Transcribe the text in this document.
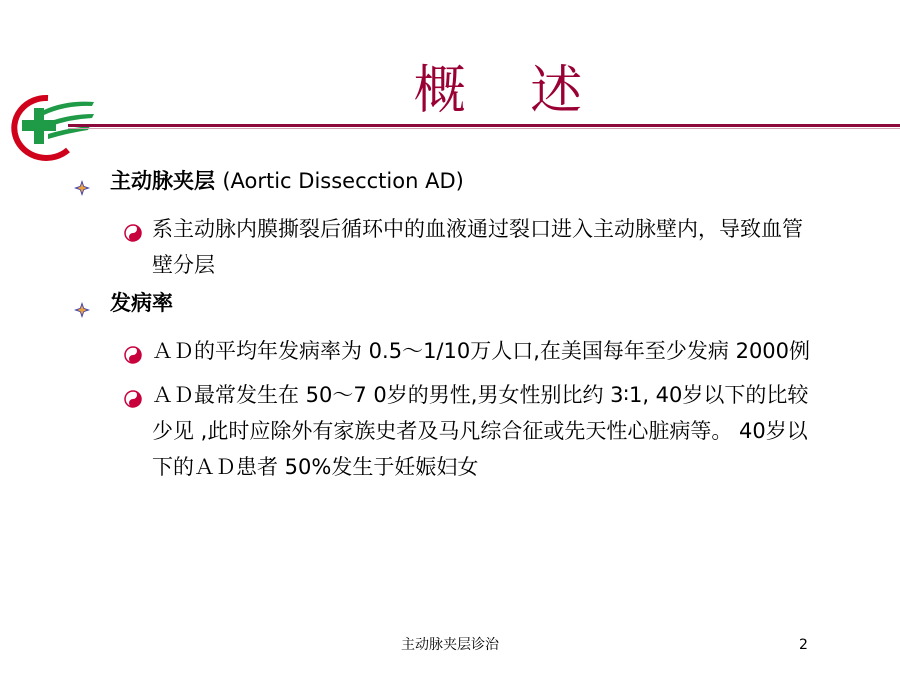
概 述
主动脉夹层 (Aortic Dissecction AD)
系主动脉内膜撕裂后循环中的血液通过裂口进入主动脉壁内，导致血管壁分层
发病率
ＡＤ的平均年发病率为 0.5～1/10万人口,在美国每年至少发病 2000例
ＡＤ最常发生在 50～7 0岁的男性,男女性别比约 3∶1, 40岁以下的比较少见 ,此时应除外有家族史者及马凡综合征或先天性心脏病等。 40岁以下的ＡＤ患者 50%发生于妊娠妇女
主动脉夹层诊治	2
